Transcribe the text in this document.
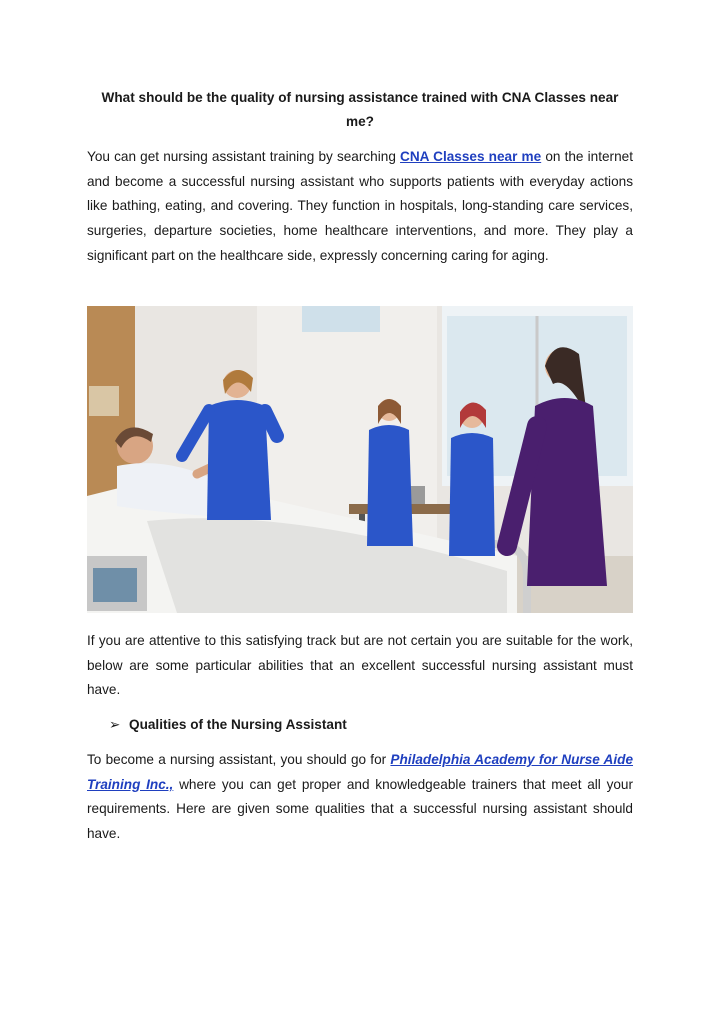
What should be the quality of nursing assistance trained with CNA Classes near me?
You can get nursing assistant training by searching CNA Classes near me on the internet and become a successful nursing assistant who supports patients with everyday actions like bathing, eating, and covering. They function in hospitals, long-standing care services, surgeries, departure societies, home healthcare interventions, and more. They play a significant part on the healthcare side, expressly concerning caring for aging.
If you are attentive to this satisfying track but are not certain you are suitable for the work, below are some particular abilities that an excellent successful nursing assistant must have.
➢ Qualities of the Nursing Assistant
To become a nursing assistant, you should go for Philadelphia Academy for Nurse Aide Training Inc., where you can get proper and knowledgeable trainers that meet all your requirements. Here are given some qualities that a successful nursing assistant should have.
